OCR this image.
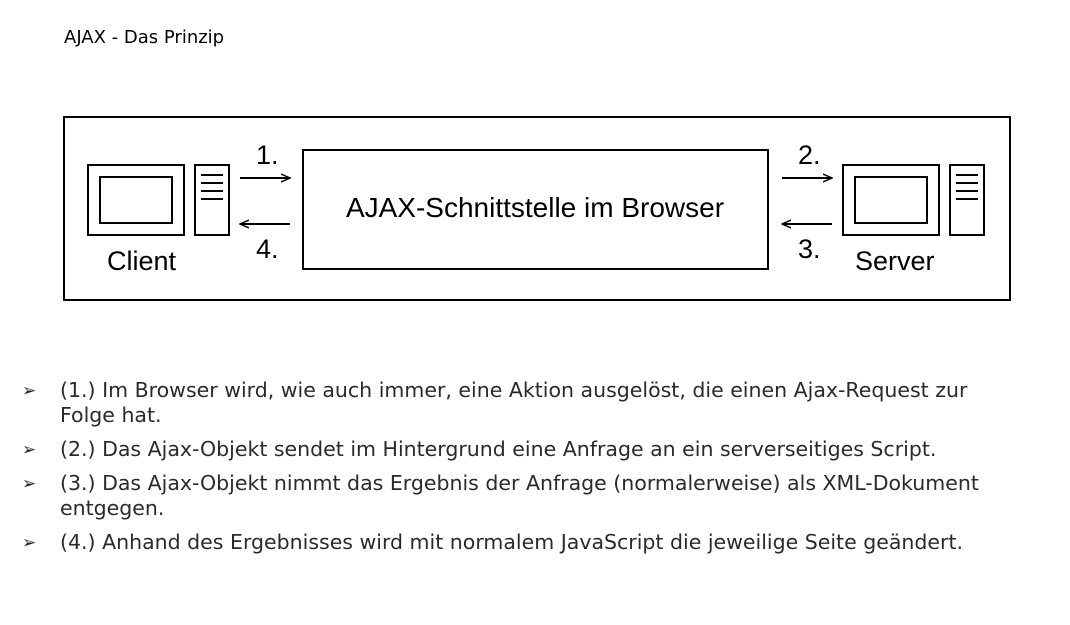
AJAX - Das Prinzip
Client
1.
4.
AJAX-Schnittstelle im Browser
2.
3. Server
➢ (1.) Im Browser wird, wie auch immer, eine Aktion ausgelöst, die einen Ajax-Request zur Folge hat.
➢ (2.) Das Ajax-Objekt sendet im Hintergrund eine Anfrage an ein serverseitiges Script.
➢ (3.) Das Ajax-Objekt nimmt das Ergebnis der Anfrage (normalerweise) als XML-Dokument entgegen.
➢ (4.) Anhand des Ergebnisses wird mit normalem JavaScript die jeweilige Seite geändert.
